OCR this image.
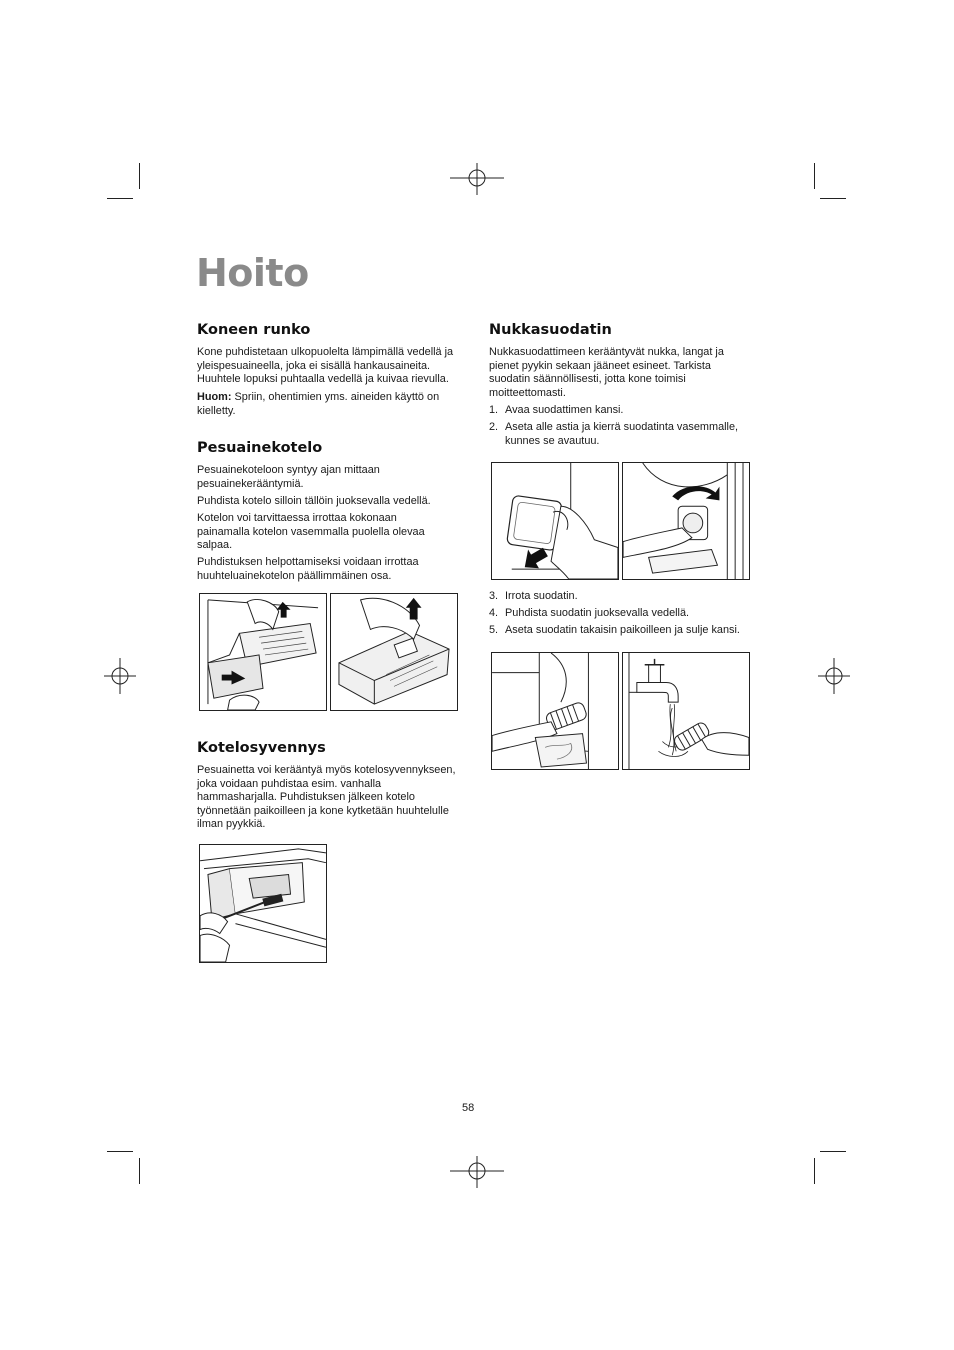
Hoito
Koneen runko

Kone puhdistetaan ulkopuolelta lämpimällä vedellä ja yleispesuaineella, joka ei sisällä hankausaineita. Huuhtele lopuksi puhtaalla vedellä ja kuivaa rievulla.

Huom: Spriin, ohentimien yms. aineiden käyttö on kielletty.

Pesuainekotelo

Pesuainekoteloon syntyy ajan mittaan pesuainekerääntymiä.

Puhdista kotelo silloin tällöin juoksevalla vedellä.

Kotelon voi tarvittaessa irrottaa kokonaan painamalla kotelon vasemmalla puolella olevaa salpaa.

Puhdistuksen helpottamiseksi voidaan irrottaa huuhteluainekotelon päällimmäinen osa.

Kotelosyvennys

Pesuainetta voi kerääntyä myös kotelosyvennykseen, joka voidaan puhdistaa esim. vanhalla hammasharjalla. Puhdistuksen jälkeen kotelo työnnetään paikoilleen ja kone kytketään huuhtelulle ilman pyykkiä.

Nukkasuodatin

Nukkasuodattimeen kerääntyvät nukka, langat ja pienet pyykin sekaan jääneet esineet. Tarkista suodatin säännöllisesti, jotta kone toimisi moitteettomasti.

1. Avaa suodattimen kansi.
2. Aseta alle astia ja kierrä suodatinta vasemmalle, kunnes se avautuu.
3. Irrota suodatin.
4. Puhdista suodatin juoksevalla vedellä.
5. Aseta suodatin takaisin paikoilleen ja sulje kansi.
58
